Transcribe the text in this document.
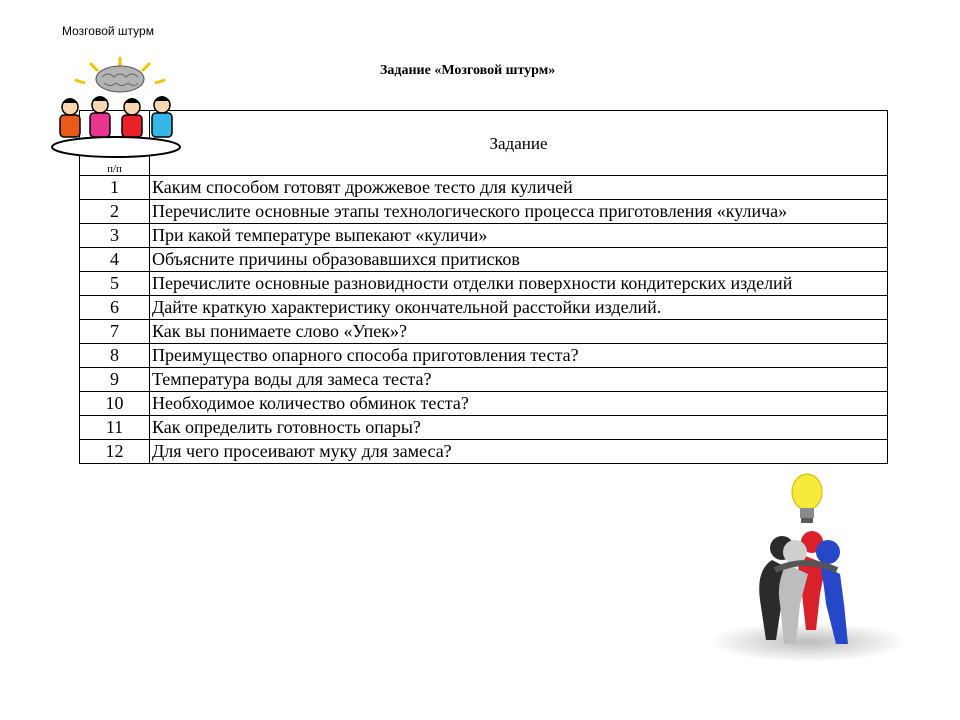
Мозговой штурм
Задание «Мозговой штурм»
п/п	Задание
1	Каким способом готовят дрожжевое тесто для куличей
2	Перечислите основные этапы технологического процесса приготовления «кулича»
3	При какой температуре выпекают «куличи»
4	Объясните причины образовавшихся притисков
5	Перечислите основные разновидности отделки поверхности кондитерских изделий
6	Дайте краткую характеристику окончательной расстойки изделий.
7	Как вы понимаете слово «Упек»?
8	Преимущество опарного способа приготовления теста?
9	Температура воды для замеса теста?
10	Необходимое количество обминок теста?
11	Как определить готовность опары?
12	Для чего просеивают муку для замеса?
